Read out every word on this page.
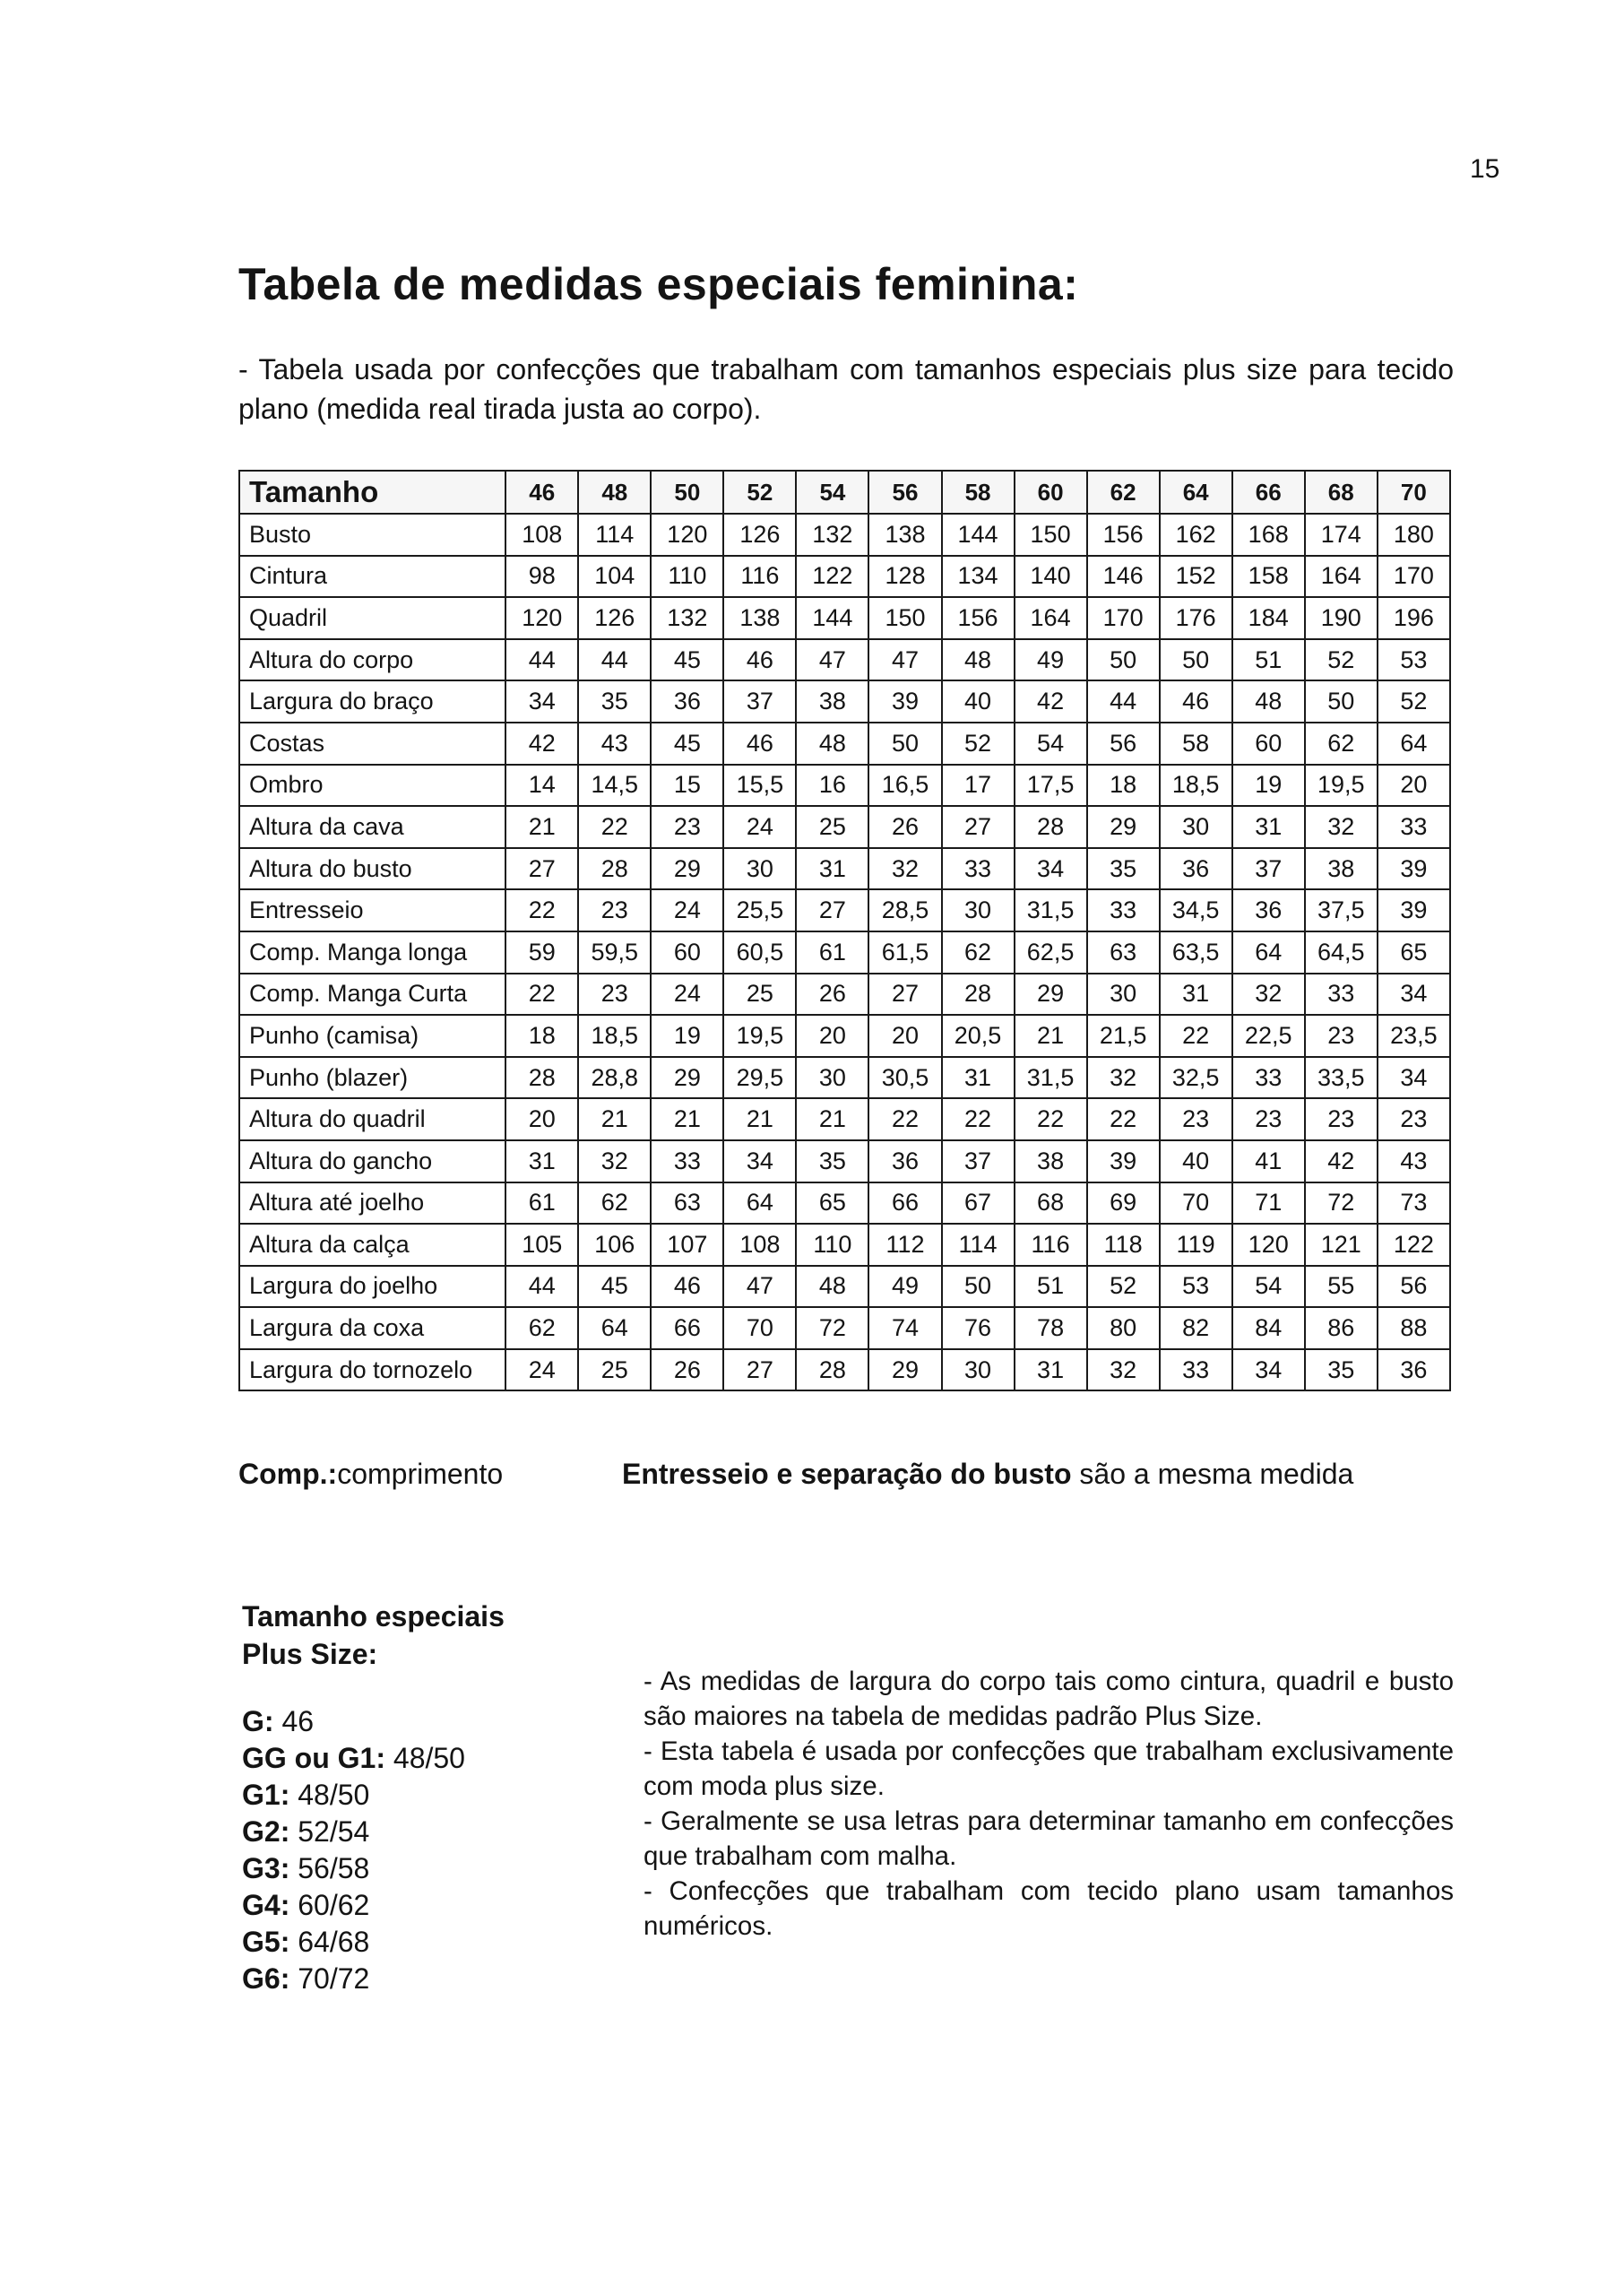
15
Tabela de medidas especiais feminina:

- Tabela usada por confecções que trabalham com tamanhos especiais plus size para tecido plano (medida real tirada justa ao corpo).

Tamanho	46	48	50	52	54	56	58	60	62	64	66	68	70
Busto	108	114	120	126	132	138	144	150	156	162	168	174	180
Cintura	98	104	110	116	122	128	134	140	146	152	158	164	170
Quadril	120	126	132	138	144	150	156	164	170	176	184	190	196
Altura do corpo	44	44	45	46	47	47	48	49	50	50	51	52	53
Largura do braço	34	35	36	37	38	39	40	42	44	46	48	50	52
Costas	42	43	45	46	48	50	52	54	56	58	60	62	64
Ombro	14	14,5	15	15,5	16	16,5	17	17,5	18	18,5	19	19,5	20
Altura da cava	21	22	23	24	25	26	27	28	29	30	31	32	33
Altura do busto	27	28	29	30	31	32	33	34	35	36	37	38	39
Entresseio	22	23	24	25,5	27	28,5	30	31,5	33	34,5	36	37,5	39
Comp. Manga longa	59	59,5	60	60,5	61	61,5	62	62,5	63	63,5	64	64,5	65
Comp. Manga Curta	22	23	24	25	26	27	28	29	30	31	32	33	34
Punho (camisa)	18	18,5	19	19,5	20	20	20,5	21	21,5	22	22,5	23	23,5
Punho (blazer)	28	28,8	29	29,5	30	30,5	31	31,5	32	32,5	33	33,5	34
Altura do quadril	20	21	21	21	21	22	22	22	22	23	23	23	23
Altura do gancho	31	32	33	34	35	36	37	38	39	40	41	42	43
Altura até joelho	61	62	63	64	65	66	67	68	69	70	71	72	73
Altura da calça	105	106	107	108	110	112	114	116	118	119	120	121	122
Largura do joelho	44	45	46	47	48	49	50	51	52	53	54	55	56
Largura da coxa	62	64	66	70	72	74	76	78	80	82	84	86	88
Largura do tornozelo	24	25	26	27	28	29	30	31	32	33	34	35	36
Comp.:comprimento	Entresseio e separação do busto são a mesma medida
Tamanho especiais
Plus Size:
G: 46
GG ou G1: 48/50
G1: 48/50
G2: 52/54
G3: 56/58
G4: 60/62
G5: 64/68
G6: 70/72
- As medidas de largura do corpo tais como cintura, quadril e busto são maiores na tabela de medidas padrão Plus Size.
- Esta tabela é usada por confecções que trabalham exclusivamente com moda plus size.
- Geralmente se usa letras para determinar tamanho em confecções que trabalham com malha.
- Confecções que trabalham com tecido plano usam tamanhos numéricos.
